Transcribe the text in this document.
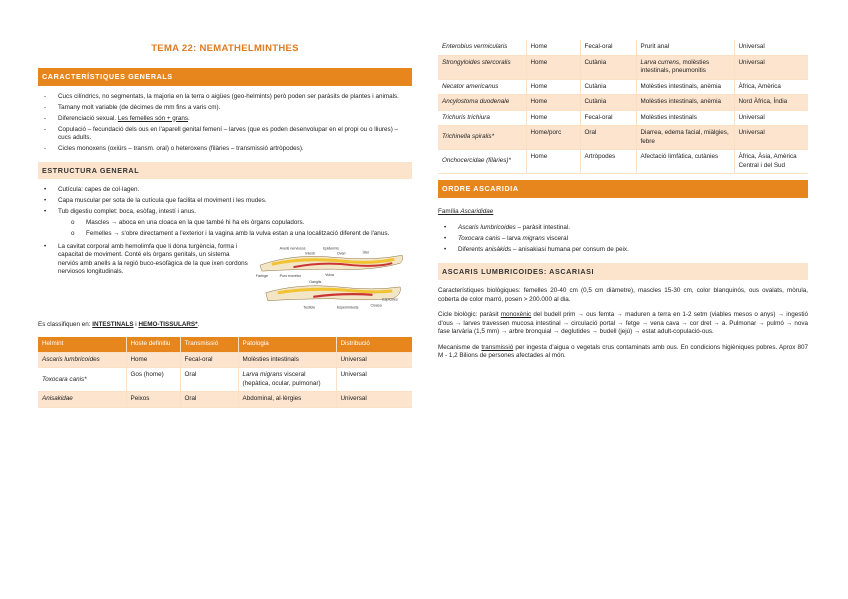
TEMA 22: NEMATHELMINTHES
CARACTERÍSTIQUES GENERALS
- Cucs cilíndrics, no segmentats, la majoria en la terra o aigües (geo-helmints) però poden ser paràsits de plantes i animals.
- Tamany molt variable (de dècimes de mm fins a varis cm).
- Diferenciació sexual. Les femelles són + grans.
- Copulació – fecundació dels ous en l'aparell genital femení – larves (que es poden desenvolupar en el propi ou o lliures) – cucs adults.
- Cicles monoxens (oxiürs – transm. oral) o heteroxens (filàries – transmissió artròpodes).
ESTRUCTURA GENERAL
• Cutícula: capes de col·lagen.
• Capa muscular per sota de la cutícula que facilita el moviment i les mudes.
• Tub digestiu complet: boca, esòfag, intestí i anus.
o Mascles → aboca en una cloaca en la que també hi ha els òrgans copuladors.
o Femelles → s'obre directament a l'exterior i la vagina amb la vulva estan a una localització diferent de l'anus.
• La cavitat corporal amb hemolimfa que li dona turgència, forma i capacitat de moviment. Conté els òrgans genitals, un sistema nerviós amb anells a la regió buco-esofàgica de la que ixen cordons nerviosos longitudinals.
Anells nerviosos	Epidermis
Faringe
Intestí	Ovari	Úter
Poro excretor	Vulva
Cloaca
Espícules
Testicle	Espermiducte
Ganglis
Es classifiquen en: INTESTINALS i HEMO-TISSULARS*.
Helmint	Hoste definitiu	Transmissió	Patologia	Distribució
Ascaris lumbricoides	Home	Fecal-oral	Molèsties intestinals	Universal
Toxocara canis*	Gos (home)	Oral	Larva migrans visceral (hepàtica, ocular, pulmonar)	Universal
Anisakidae	Peixos	Oral	Abdominal, al·lèrgies	Universal
Enterobius vermicularis	Home	Fecal-oral	Prurit anal	Universal
Strongyloides stercoralis	Home	Cutània	Larva currens, molèsties intestinals, pneumonitis	Universal
Necator americanus	Home	Cutània	Molèsties intestinals, anèmia	Àfrica, Amèrica
Ancylostoma duodenale	Home	Cutània	Molèsties intestinals, anèmia	Nord Àfrica, Índia
Trichuris trichiura	Home	Fecal-oral	Molèsties intestinals	Universal
Trichinella spiralis*	Home/porc	Oral	Diarrea, edema facial, miàlgies, febre	Universal
Onchocercidae (filàries)*	Home	Artròpodes	Afectació limfàtica, cutànies	Àfrica, Àsia, Amèrica Central i del Sud
ORDRE ASCARIDIA
Família Ascarididae
• Ascaris lumbricoides – paràsit intestinal.
• Toxocara canis – larva migrans visceral
• Diferents anisàkids – anisakiasi humana per consum de peix.
ASCARIS LUMBRICOIDES: ASCARIASI

Característiques biològiques: femelles 20-40 cm (0,5 cm diàmetre), mascles 15-30 cm, color blanquinós, ous ovalats, mòrula, coberta de color marró, posen > 200.000 al dia.

Cicle biològic: paràsit monoxènic del budell prim → ous femta → maduren a terra en 1-2 setm (viables mesos o anys) → ingestió d'ous → larves travessen mucosa intestinal → circulació portal → fetge → vena cava → cor dret → a. Pulmonar → pulmó → nova fase larvària (1,5 mm) → arbre bronquial → deglutides → budell (jejú) → estat adult-copulació-ous.

Mecanisme de transmissió per ingesta d'aigua o vegetals crus contaminats amb ous. En condicions higièniques pobres. Aprox 807 M - 1,2 Bilions de persones afectades al món.
